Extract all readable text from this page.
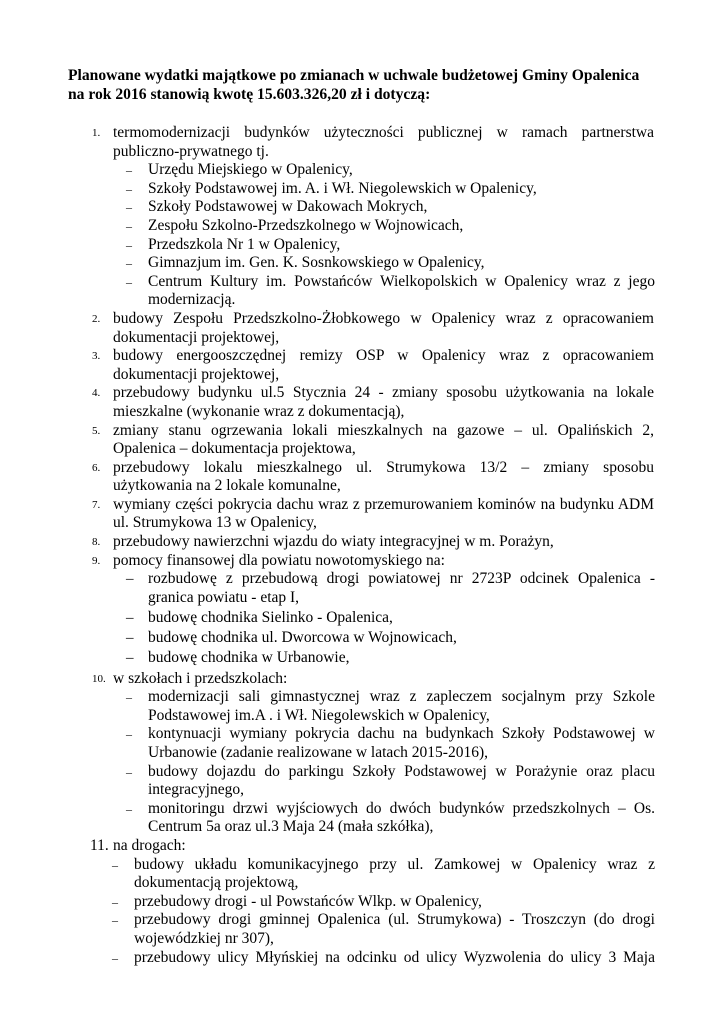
Planowane wydatki majątkowe po zmianach w uchwale budżetowej Gminy Opalenica na rok 2016 stanowią kwotę 15.603.326,20 zł i dotyczą:
1. termomodernizacji budynków użyteczności publicznej w ramach partnerstwa publiczno-prywatnego tj.
– Urzędu Miejskiego w Opalenicy,
– Szkoły Podstawowej im. A. i Wł. Niegolewskich w Opalenicy,
– Szkoły Podstawowej w Dakowach Mokrych,
– Zespołu Szkolno-Przedszkolnego w Wojnowicach,
– Przedszkola Nr 1 w Opalenicy,
– Gimnazjum im. Gen. K. Sosnkowskiego w Opalenicy,
– Centrum Kultury im. Powstańców Wielkopolskich w Opalenicy wraz z jego modernizacją.
2. budowy Zespołu Przedszkolno-Żłobkowego w Opalenicy wraz z opracowaniem dokumentacji projektowej,
3. budowy energooszczędnej remizy OSP w Opalenicy wraz z opracowaniem dokumentacji projektowej,
4. przebudowy budynku ul.5 Stycznia 24 - zmiany sposobu użytkowania na lokale mieszkalne (wykonanie wraz z dokumentacją),
5. zmiany stanu ogrzewania lokali mieszkalnych na gazowe – ul. Opalińskich 2, Opalenica – dokumentacja projektowa,
6. przebudowy lokalu mieszkalnego ul. Strumykowa 13/2 – zmiany sposobu użytkowania na 2 lokale komunalne,
7. wymiany części pokrycia dachu wraz z przemurowaniem kominów na budynku ADM ul. Strumykowa 13 w Opalenicy,
8. przebudowy nawierzchni wjazdu do wiaty integracyjnej w m. Porażyn,
9. pomocy finansowej dla powiatu nowotomyskiego na:
– rozbudowę z przebudową drogi powiatowej nr 2723P odcinek Opalenica - granica powiatu - etap I,
– budowę chodnika Sielinko - Opalenica,
– budowę chodnika ul. Dworcowa w Wojnowicach,
– budowę chodnika w Urbanowie,
10. w szkołach i przedszkolach:
– modernizacji sali gimnastycznej wraz z zapleczem socjalnym przy Szkole Podstawowej im.A . i Wł. Niegolewskich w Opalenicy,
– kontynuacji wymiany pokrycia dachu na budynkach Szkoły Podstawowej w Urbanowie (zadanie realizowane w latach 2015-2016),
– budowy dojazdu do parkingu Szkoły Podstawowej w Porażynie oraz placu integracyjnego,
– monitoringu drzwi wyjściowych do dwóch budynków przedszkolnych – Os. Centrum 5a oraz ul.3 Maja 24 (mała szkółka),
11. na drogach:
– budowy układu komunikacyjnego przy ul. Zamkowej w Opalenicy wraz z dokumentacją projektową,
– przebudowy drogi - ul Powstańców Wlkp. w Opalenicy,
– przebudowy drogi gminnej Opalenica (ul. Strumykowa) - Troszczyn (do drogi wojewódzkiej nr 307),
– przebudowy ulicy Młyńskiej na odcinku od ulicy Wyzwolenia do ulicy 3 Maja
